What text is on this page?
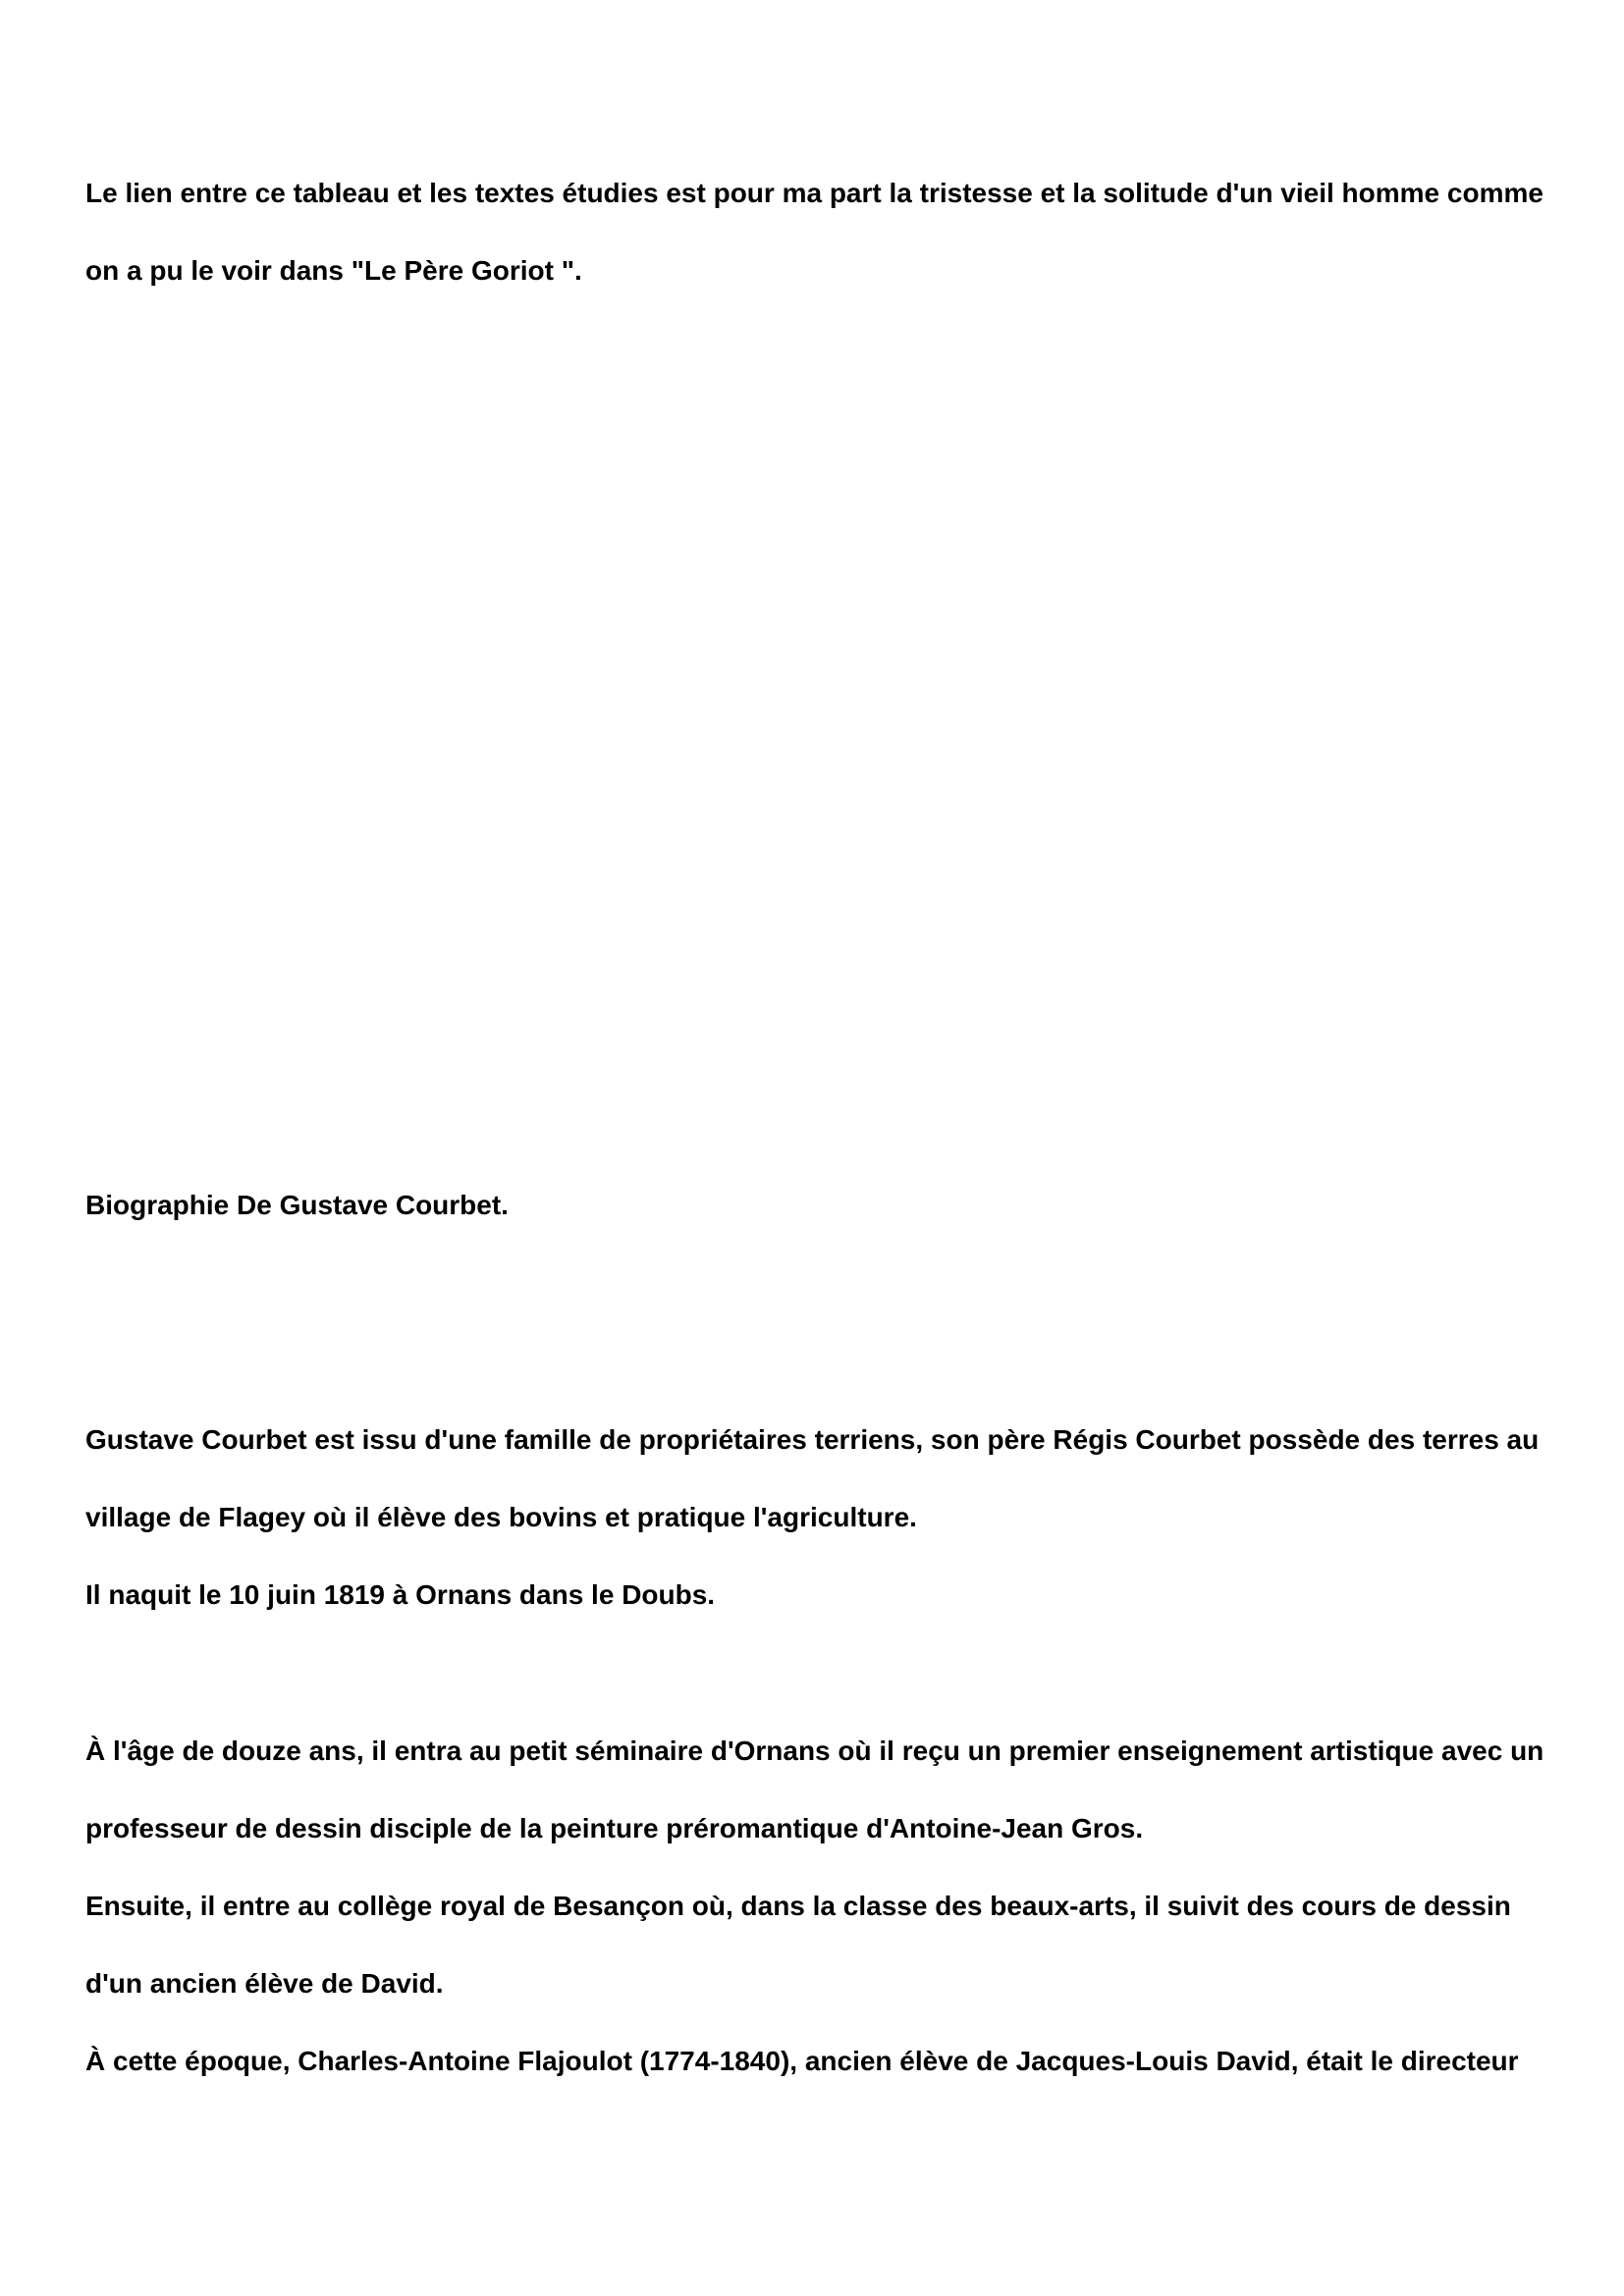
Le lien entre ce tableau et les textes étudies est pour ma part la tristesse et la solitude d'un vieil homme comme

on a pu le voir dans "Le Père Goriot ".

Biographie De Gustave Courbet.

Gustave Courbet est issu d'une famille de propriétaires terriens, son père Régis Courbet possède des terres au

village de Flagey où il élève des bovins et pratique l'agriculture.

Il naquit le 10 juin 1819 à Ornans dans le Doubs.

À l'âge de douze ans, il entra au petit séminaire d'Ornans où il reçu un premier enseignement artistique avec un

professeur de dessin disciple de la peinture préromantique d'Antoine-Jean Gros.

Ensuite, il entre au collège royal de Besançon où, dans la classe des beaux-arts, il suivit des cours de dessin

d'un ancien élève de David.

À cette époque, Charles-Antoine Flajoulot (1774-1840), ancien élève de Jacques-Louis David, était le directeur
